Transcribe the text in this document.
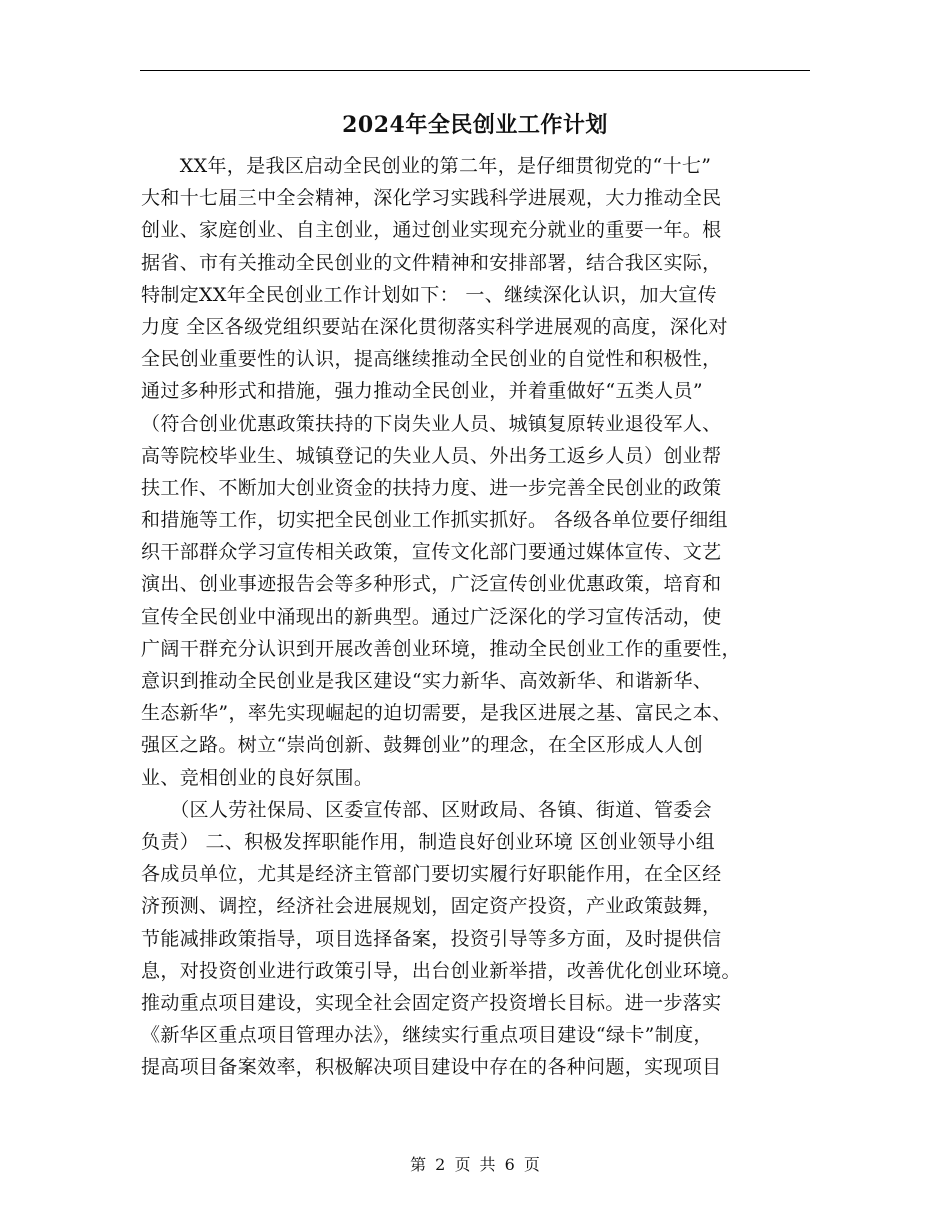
2024年全民创业工作计划
　　XX年，是我区启动全民创业的第二年，是仔细贯彻党的“十七”
大和十七届三中全会精神，深化学习实践科学进展观，大力推动全民
创业、家庭创业、自主创业，通过创业实现充分就业的重要一年。根
据省、市有关推动全民创业的文件精神和安排部署，结合我区实际，
特制定XX年全民创业工作计划如下： 一、继续深化认识，加大宣传
力度 全区各级党组织要站在深化贯彻落实科学进展观的高度，深化对
全民创业重要性的认识，提高继续推动全民创业的自觉性和积极性，
通过多种形式和措施，强力推动全民创业，并着重做好“五类人员”
（符合创业优惠政策扶持的下岗失业人员、城镇复原转业退役军人、
高等院校毕业生、城镇登记的失业人员、外出务工返乡人员）创业帮
扶工作、不断加大创业资金的扶持力度、进一步完善全民创业的政策
和措施等工作，切实把全民创业工作抓实抓好。 各级各单位要仔细组
织干部群众学习宣传相关政策，宣传文化部门要通过媒体宣传、文艺
演出、创业事迹报告会等多种形式，广泛宣传创业优惠政策，培育和
宣传全民创业中涌现出的新典型。通过广泛深化的学习宣传活动，使
广阔干群充分认识到开展改善创业环境，推动全民创业工作的重要性，
意识到推动全民创业是我区建设“实力新华、高效新华、和谐新华、
生态新华”，率先实现崛起的迫切需要，是我区进展之基、富民之本、
强区之路。树立“崇尚创新、鼓舞创业”的理念，在全区形成人人创
业、竞相创业的良好氛围。
　　（区人劳社保局、区委宣传部、区财政局、各镇、街道、管委会
负责） 二、积极发挥职能作用，制造良好创业环境 区创业领导小组
各成员单位，尤其是经济主管部门要切实履行好职能作用，在全区经
济预测、调控，经济社会进展规划，固定资产投资，产业政策鼓舞，
节能减排政策指导，项目选择备案，投资引导等多方面，及时提供信
息，对投资创业进行政策引导，出台创业新举措，改善优化创业环境。
推动重点项目建设，实现全社会固定资产投资增长目标。进一步落实
《新华区重点项目管理办法》，继续实行重点项目建设“绿卡”制度，
提高项目备案效率，积极解决项目建设中存在的各种问题，实现项目
第 2 页 共 6 页
